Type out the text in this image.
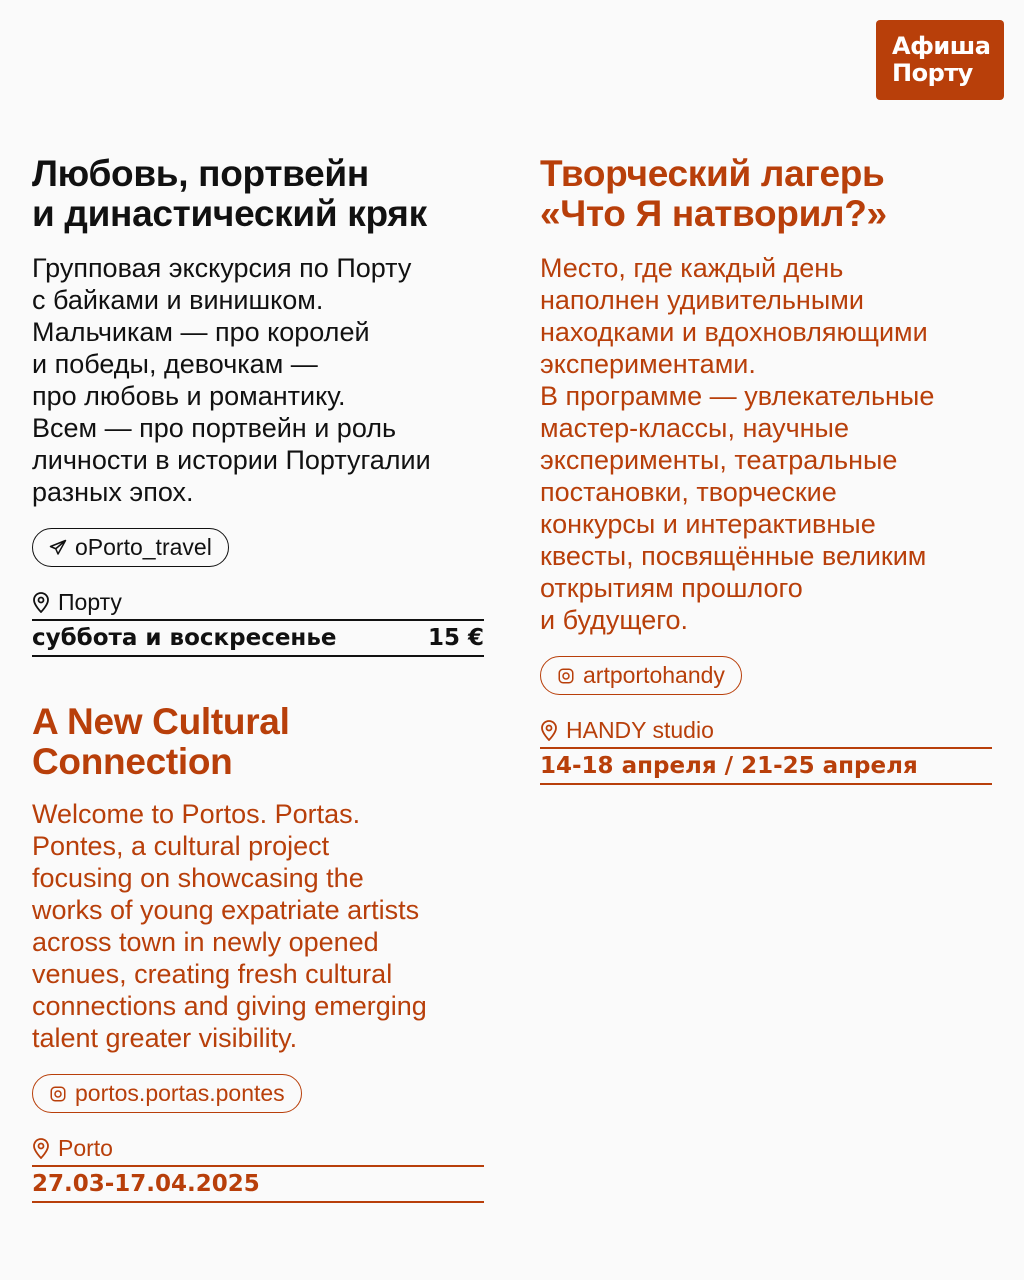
Афиша
Порту
Любовь, портвейн
и династический кряк
Групповая экскурсия по Порту
с байками и винишком.
Мальчикам — про королей
и победы, девочкам —
про любовь и романтику.
Всем — про портвейн и роль
личности в истории Португалии
разных эпох.
oPorto_travel
Порту
суббота и воскресенье	15 €
Творческий лагерь
«Что Я натворил?»
Место, где каждый день
наполнен удивительными
находками и вдохновляющими
экспериментами.
В программе — увлекательные
мастер-классы, научные
эксперименты, театральные
постановки, творческие
конкурсы и интерактивные
квесты, посвящённые великим
открытиям прошлого
и будущего.
artportohandy
HANDY studio
14-18 апреля / 21-25 апреля
A New Cultural
Connection
Welcome to Portos. Portas.
Pontes, a cultural project
focusing on showcasing the
works of young expatriate artists
across town in newly opened
venues, creating fresh cultural
connections and giving emerging
talent greater visibility.
portos.portas.pontes
Porto
27.03-17.04.2025
